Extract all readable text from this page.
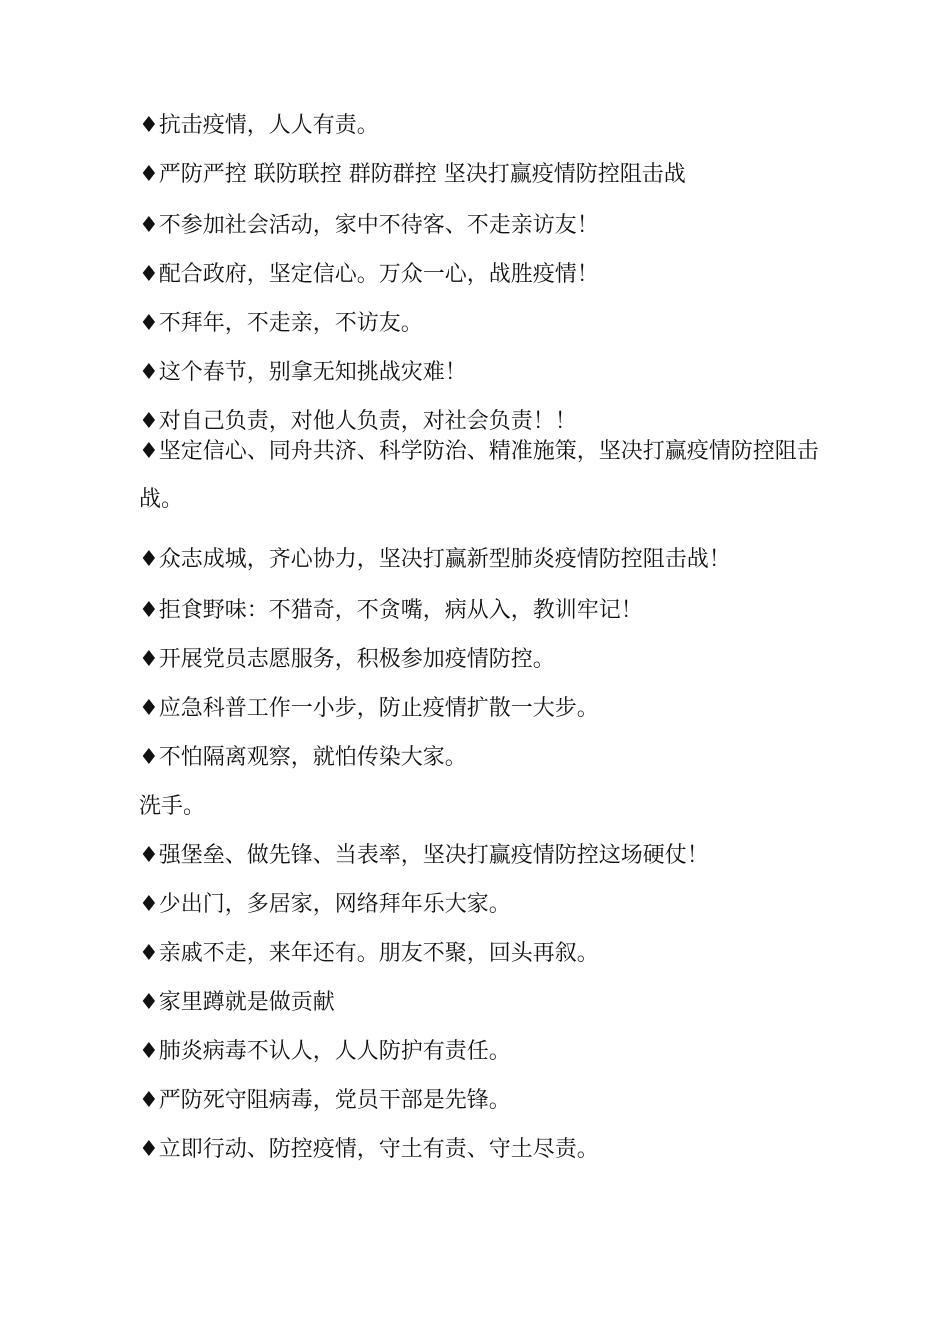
♦抗击疫情，人人有责。

♦严防严控 联防联控 群防群控 坚决打赢疫情防控阻击战

♦不参加社会活动，家中不待客、不走亲访友！

♦配合政府，坚定信心。万众一心，战胜疫情！

♦不拜年，不走亲，不访友。

♦这个春节，别拿无知挑战灾难！

♦对自己负责，对他人负责，对社会负责！！

♦坚定信心、同舟共济、科学防治、精准施策，坚决打赢疫情防控阻击战。

♦众志成城，齐心协力，坚决打赢新型肺炎疫情防控阻击战！

♦拒食野味：不猎奇，不贪嘴，病从入，教训牢记！

♦开展党员志愿服务，积极参加疫情防控。

♦应急科普工作一小步，防止疫情扩散一大步。

♦不怕隔离观察，就怕传染大家。

洗手。

♦强堡垒、做先锋、当表率，坚决打赢疫情防控这场硬仗！

♦少出门，多居家，网络拜年乐大家。

♦亲戚不走，来年还有。朋友不聚，回头再叙。

♦家里蹲就是做贡献

♦肺炎病毒不认人，人人防护有责任。

♦严防死守阻病毒，党员干部是先锋。

♦立即行动、防控疫情，守土有责、守土尽责。
